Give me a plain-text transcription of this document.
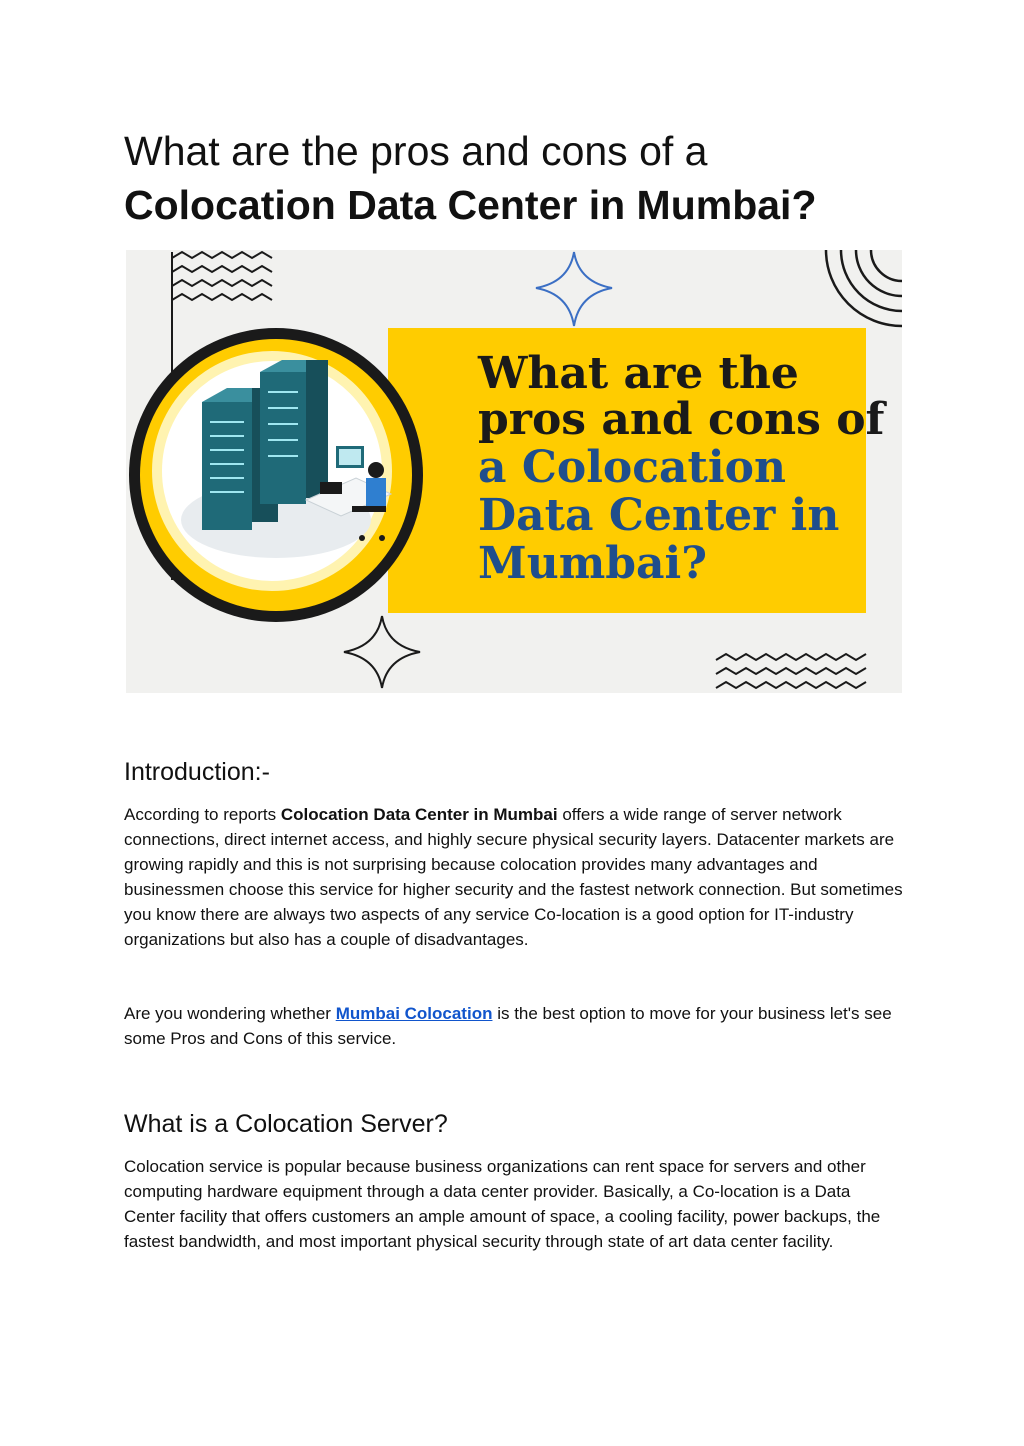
What are the pros and cons of a
Colocation Data Center in Mumbai?
What are the
pros and cons of
a Colocation
Data Center in
Mumbai?
Introduction:-

According to reports Colocation Data Center in Mumbai offers a wide range of server network connections, direct internet access, and highly secure physical security layers. Datacenter markets are growing rapidly and this is not surprising because colocation provides many advantages and businessmen choose this service for higher security and the fastest network connection. But sometimes you know there are always two aspects of any service Co-location is a good option for IT-industry organizations but also has a couple of disadvantages.

Are you wondering whether Mumbai Colocation is the best option to move for your business let's see some Pros and Cons of this service.

What is a Colocation Server?

Colocation service is popular because business organizations can rent space for servers and other computing hardware equipment through a data center provider. Basically, a Co-location is a Data Center facility that offers customers an ample amount of space, a cooling facility, power backups, the fastest bandwidth, and most important physical security through state of art data center facility.
